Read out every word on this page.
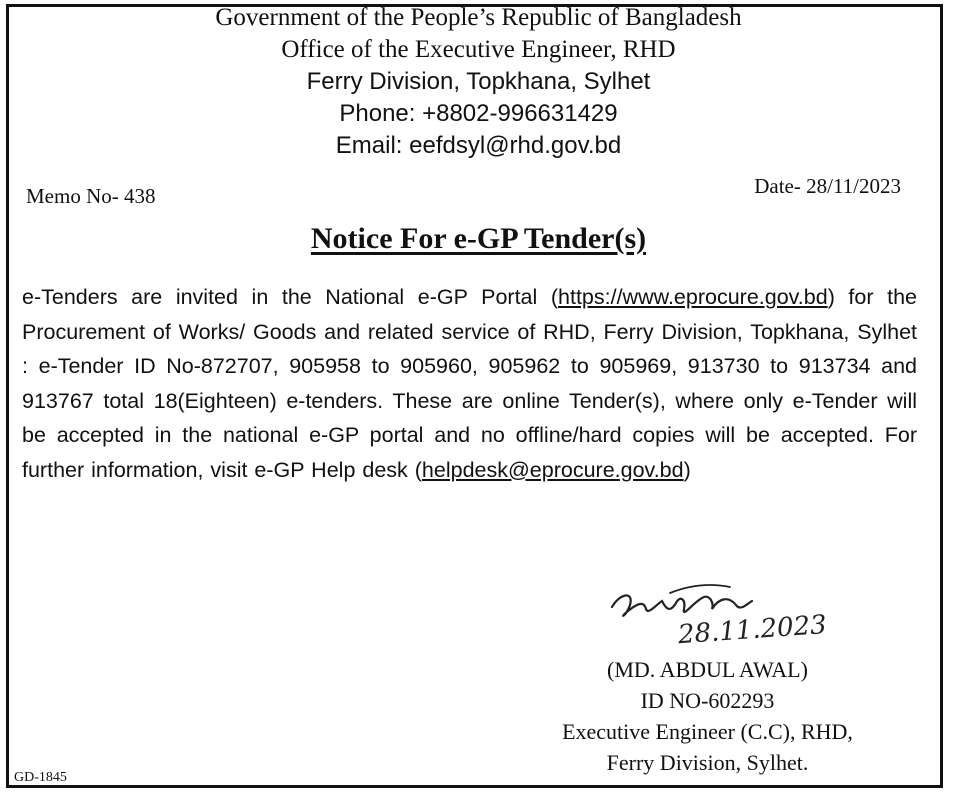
Government of the People’s Republic of Bangladesh
Office of the Executive Engineer, RHD
Ferry Division, Topkhana, Sylhet
Phone: +8802-996631429
Email: eefdsyl@rhd.gov.bd
Memo No- 438	Date- 28/11/2023
Notice For e-GP Tender(s)
e-Tenders are invited in the National e-GP Portal (https://www.eprocure.gov.bd) for the Procurement of Works/ Goods and related service of RHD, Ferry Division, Topkhana, Sylhet : e-Tender ID No-872707, 905958 to 905960, 905962 to 905969, 913730 to 913734 and 913767 total 18(Eighteen) e-tenders. These are online Tender(s), where only e-Tender will be accepted in the national e-GP portal and no offline/hard copies will be accepted. For further information, visit e-GP Help desk (helpdesk@eprocure.gov.bd)
28.11.2023
(MD. ABDUL AWAL)
ID NO-602293
Executive Engineer (C.C), RHD,
Ferry Division, Sylhet.
GD-1845
